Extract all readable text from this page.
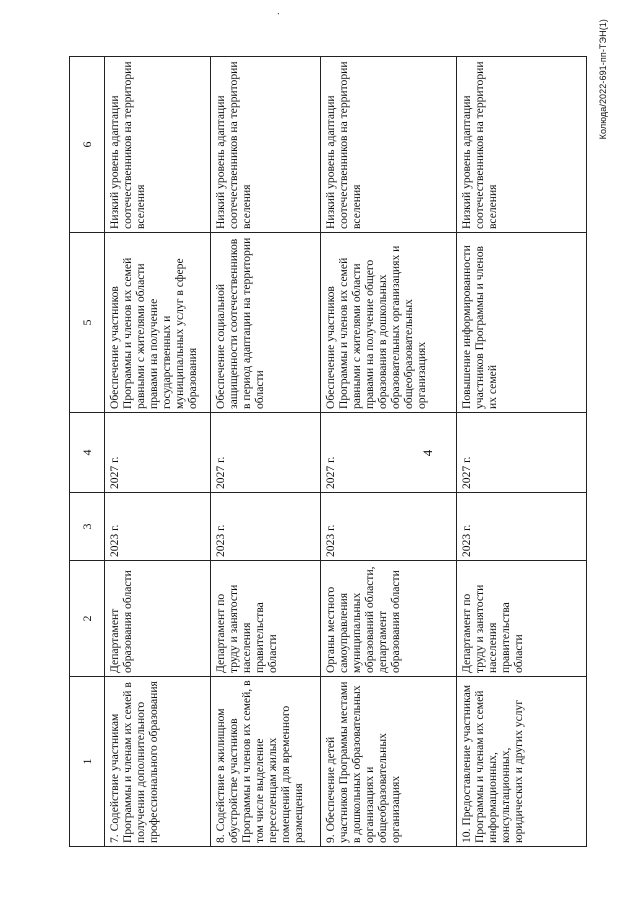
4
.
1	2	3	4	5	6
7. Содействие участникам Программы и членам их семей в получении дополнительного профессионального образования	Департамент образования области	2023 г.	2027 г.	Обеспечение участников Программы и членов их семей равными с жителями области правами на получение государственных и муниципальных услуг в сфере образования	Низкий уровень адаптации соотечественников на территории вселения
8. Содействие в жилищном обустройстве участников Программы и членов их семей, в том числе выделение переселенцам жилых помещений для временного размещения	Департамент по труду и занятости населения правительства области	2023 г.	2027 г.	Обеспечение социальной защищенности соотечественников в период адаптации на территории области	Низкий уровень адаптации соотечественников на территории вселения
9. Обеспечение детей участников Программы местами в дошкольных образовательных организациях и общеобразовательных организациях	Органы местного самоуправления муниципальных образований области, департамент образования области	2023 г.	2027 г.	Обеспечение участников Программы и членов их семей равными с жителями области правами на получение общего образования в дошкольных образовательных организациях и общеобразовательных организациях	Низкий уровень адаптации соотечественников на территории вселения
10. Предоставление участникам Программы и членам их семей информационных, консультационных, юридических и других услуг	Департамент по труду и занятости населения правительства области	2023 г.	2027 г.	Повышение информированности участников Программы и членов их семей	Низкий уровень адаптации соотечественников на территории вселения
Колюда/2022-691-пп-ТЭН(1)
